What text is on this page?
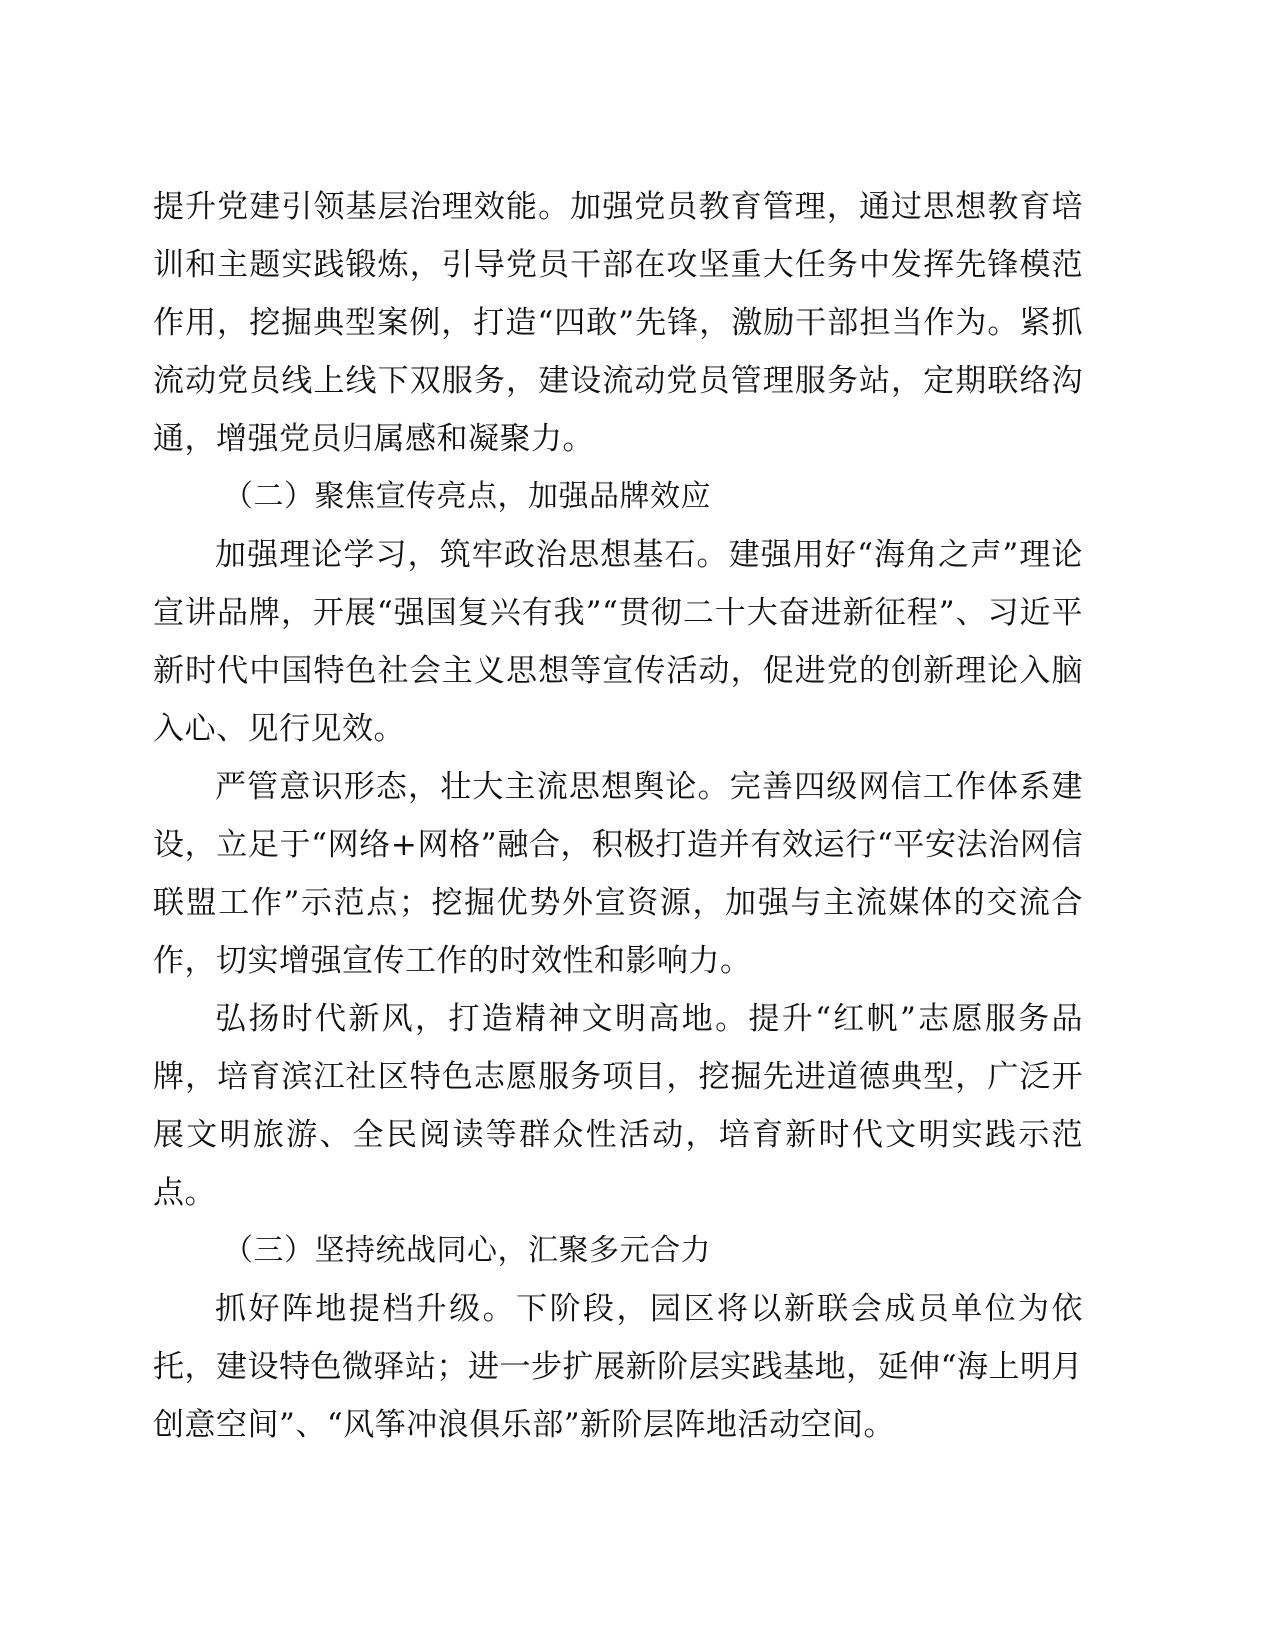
提升党建引领基层治理效能。加强党员教育管理，通过思想教育培训和主题实践锻炼，引导党员干部在攻坚重大任务中发挥先锋模范作用，挖掘典型案例，打造“四敢”先锋，激励干部担当作为。紧抓流动党员线上线下双服务，建设流动党员管理服务站，定期联络沟通，增强党员归属感和凝聚力。

（二）聚焦宣传亮点，加强品牌效应

加强理论学习，筑牢政治思想基石。建强用好“海角之声”理论宣讲品牌，开展“强国复兴有我”“贯彻二十大奋进新征程”、习近平新时代中国特色社会主义思想等宣传活动，促进党的创新理论入脑入心、见行见效。

严管意识形态，壮大主流思想舆论。完善四级网信工作体系建设，立足于“网络+网格”融合，积极打造并有效运行“平安法治网信联盟工作”示范点；挖掘优势外宣资源，加强与主流媒体的交流合作，切实增强宣传工作的时效性和影响力。

弘扬时代新风，打造精神文明高地。提升“红帆”志愿服务品牌，培育滨江社区特色志愿服务项目，挖掘先进道德典型，广泛开展文明旅游、全民阅读等群众性活动，培育新时代文明实践示范点。

（三）坚持统战同心，汇聚多元合力

抓好阵地提档升级。下阶段，园区将以新联会成员单位为依托，建设特色微驿站；进一步扩展新阶层实践基地，延伸“海上明月创意空间”、“风筝冲浪俱乐部”新阶层阵地活动空间。
